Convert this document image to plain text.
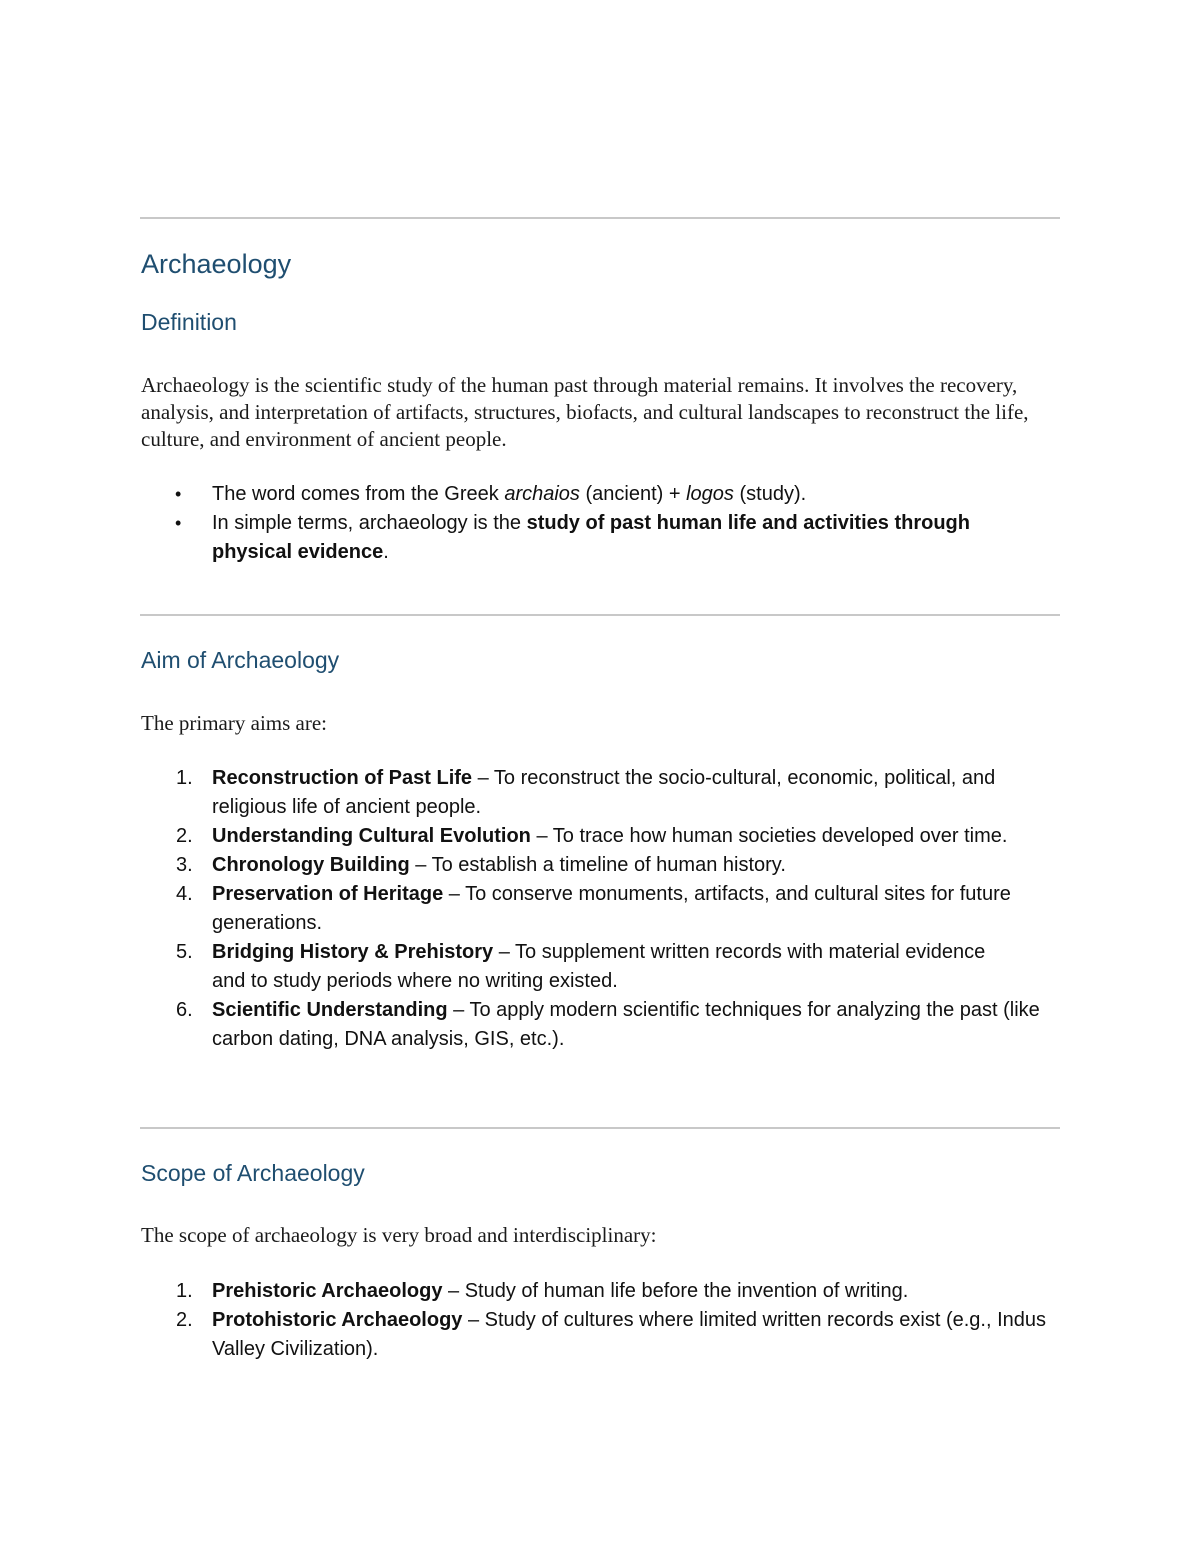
Archaeology
Definition

Archaeology is the scientific study of the human past through material remains. It involves the recovery, analysis, and interpretation of artifacts, structures, biofacts, and cultural landscapes to reconstruct the life, culture, and environment of ancient people.

•	The word comes from the Greek archaios (ancient) + logos (study).
•	In simple terms, archaeology is the study of past human life and activities through physical evidence.
Aim of Archaeology

The primary aims are:

1. Reconstruction of Past Life – To reconstruct the socio-cultural, economic, political, and religious life of ancient people.
2. Understanding Cultural Evolution – To trace how human societies developed over time.
3. Chronology Building – To establish a timeline of human history.
4. Preservation of Heritage – To conserve monuments, artifacts, and cultural sites for future generations.
5. Bridging History & Prehistory – To supplement written records with material evidence and to study periods where no writing existed.
6. Scientific Understanding – To apply modern scientific techniques for analyzing the past (like carbon dating, DNA analysis, GIS, etc.).
Scope of Archaeology

The scope of archaeology is very broad and interdisciplinary:

1. Prehistoric Archaeology – Study of human life before the invention of writing.
2. Protohistoric Archaeology – Study of cultures where limited written records exist (e.g., Indus Valley Civilization).
